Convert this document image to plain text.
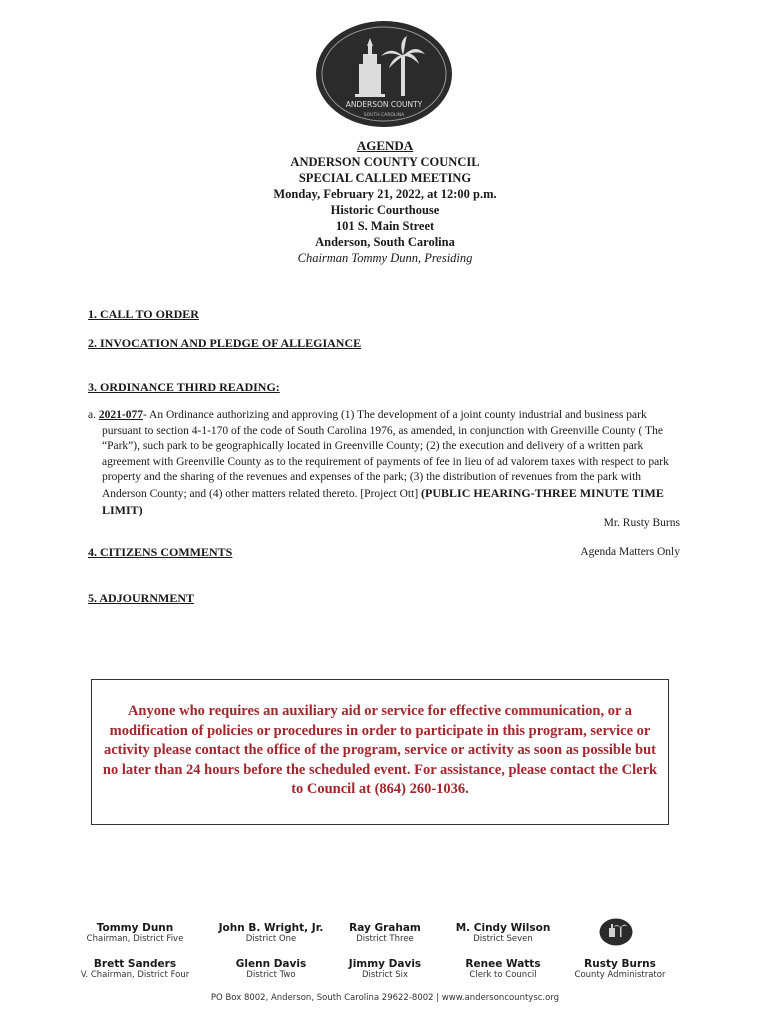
ANDERSON COUNTY
SOUTH CAROLINA
AGENDA
ANDERSON COUNTY COUNCIL
SPECIAL CALLED MEETING
Monday, February 21, 2022, at 12:00 p.m.
Historic Courthouse
101 S. Main Street
Anderson, South Carolina
Chairman Tommy Dunn, Presiding
1. CALL TO ORDER
2. INVOCATION AND PLEDGE OF ALLEGIANCE
3. ORDINANCE THIRD READING:
a. 2021-077- An Ordinance authorizing and approving (1) The development of a joint county industrial and business park pursuant to section 4-1-170 of the code of South Carolina 1976, as amended, in conjunction with Greenville County ( The “Park”), such park to be geographically located in Greenville County; (2) the execution and delivery of a written park agreement with Greenville County as to the requirement of payments of fee in lieu of ad valorem taxes with respect to park property and the sharing of the revenues and expenses of the park; (3) the distribution of revenues from the park with Anderson County; and (4) other matters related thereto. [Project Ott] (PUBLIC HEARING-THREE MINUTE TIME LIMIT)
Mr. Rusty Burns
4. CITIZENS COMMENTS	Agenda Matters Only
5. ADJOURNMENT
Anyone who requires an auxiliary aid or service for effective communication, or a modification of policies or procedures in order to participate in this program, service or activity please contact the office of the program, service or activity as soon as possible but no later than 24 hours before the scheduled event. For assistance, please contact the Clerk to Council at (864) 260-1036.
Tommy Dunn
Chairman, District Five
John B. Wright, Jr.
District One
Ray Graham
District Three
M. Cindy Wilson
District Seven
Brett Sanders
V. Chairman, District Four
Glenn Davis
District Two
Jimmy Davis
District Six
Renee Watts
Clerk to Council
Rusty Burns
County Administrator
PO Box 8002, Anderson, South Carolina 29622-8002 | www.andersoncountysc.org
